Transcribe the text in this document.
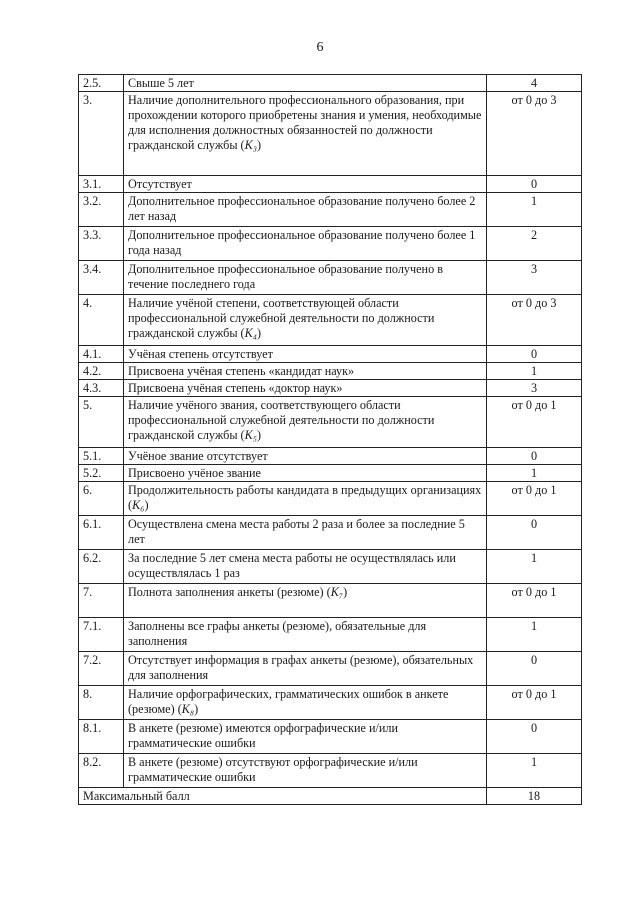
6
2.5.	Свыше 5 лет	4
3.	Наличие дополнительного профессионального образования, при прохождении которого приобретены знания и умения, необходимые для исполнения должностных обязанностей по должности гражданской службы (K₃)	от 0 до 3
3.1.	Отсутствует	0
3.2.	Дополнительное профессиональное образование получено более 2 лет назад	1
3.3.	Дополнительное профессиональное образование получено более 1 года назад	2
3.4.	Дополнительное профессиональное образование получено в течение последнего года	3
4.	Наличие учёной степени, соответствующей области профессиональной служебной деятельности по должности гражданской службы (K₄)	от 0 до 3
4.1.	Учёная степень отсутствует	0
4.2.	Присвоена учёная степень «кандидат наук»	1
4.3.	Присвоена учёная степень «доктор наук»	3
5.	Наличие учёного звания, соответствующего области профессиональной служебной деятельности по должности гражданской службы (K₅)	от 0 до 1
5.1.	Учёное звание отсутствует	0
5.2.	Присвоено учёное звание	1
6.	Продолжительность работы кандидата в предыдущих организациях (K₆)	от 0 до 1
6.1.	Осуществлена смена места работы 2 раза и более за последние 5 лет	0
6.2.	За последние 5 лет смена места работы не осуществлялась или осуществлялась 1 раз	1
7.	Полнота заполнения анкеты (резюме) (K₇)	от 0 до 1
7.1.	Заполнены все графы анкеты (резюме), обязательные для заполнения	1
7.2.	Отсутствует информация в графах анкеты (резюме), обязательных для заполнения	0
8.	Наличие орфографических, грамматических ошибок в анкете (резюме) (K₈)	от 0 до 1
8.1.	В анкете (резюме) имеются орфографические и/или грамматические ошибки	0
8.2.	В анкете (резюме) отсутствуют орфографические и/или грамматические ошибки	1
Максимальный балл		18
